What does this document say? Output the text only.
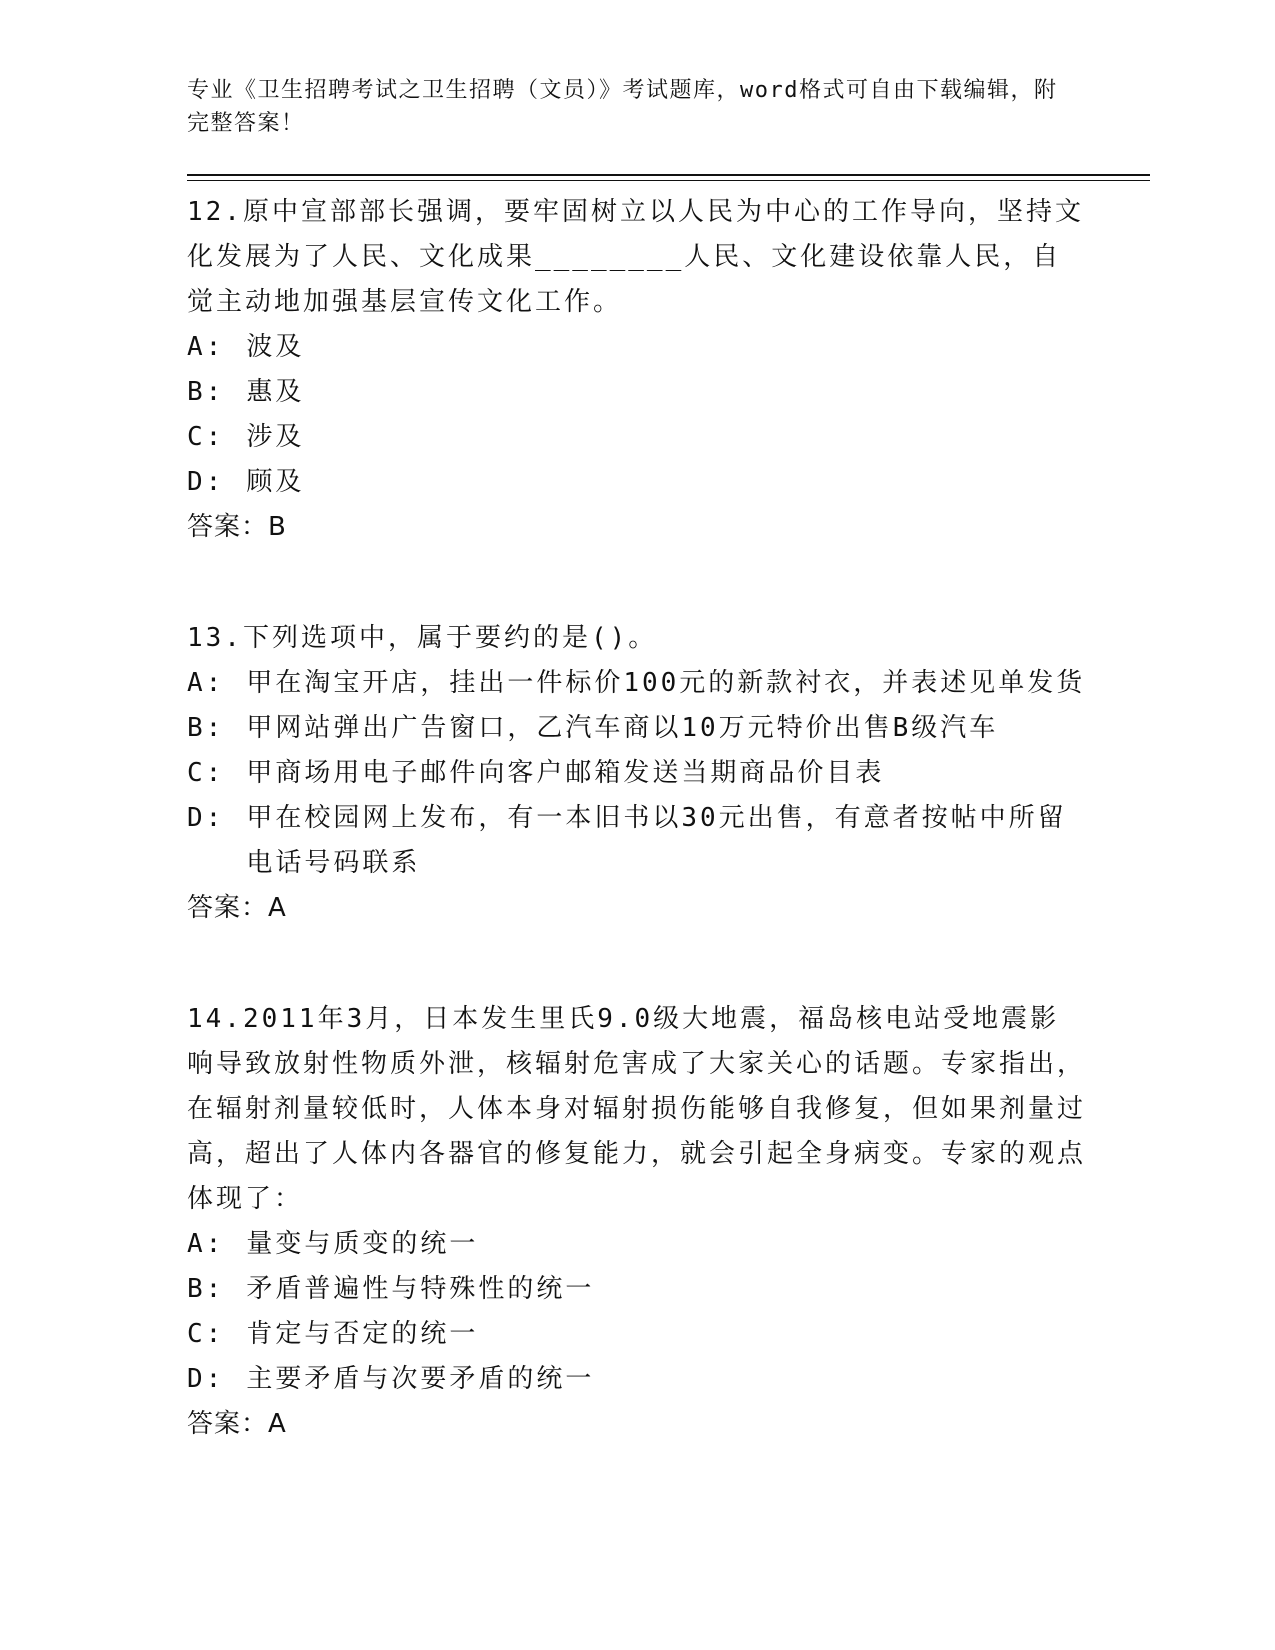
专业《卫生招聘考试之卫生招聘（文员）》考试题库，word格式可自由下载编辑，附完整答案！

12.原中宣部部长强调，要牢固树立以人民为中心的工作导向，坚持文化发展为了人民、文化成果________人民、文化建设依靠人民，自觉主动地加强基层宣传文化工作。

A: 波及
B: 惠及
C: 涉及
D: 顾及

答案：B

13.下列选项中，属于要约的是()。

A: 甲在淘宝开店，挂出一件标价100元的新款衬衣，并表述见单发货
B: 甲网站弹出广告窗口，乙汽车商以10万元特价出售B级汽车
C: 甲商场用电子邮件向客户邮箱发送当期商品价目表
D: 甲在校园网上发布，有一本旧书以30元出售，有意者按帖中所留电话号码联系

答案：A

14.2011年3月，日本发生里氏9.0级大地震，福岛核电站受地震影响导致放射性物质外泄，核辐射危害成了大家关心的话题。专家指出，在辐射剂量较低时，人体本身对辐射损伤能够自我修复，但如果剂量过高，超出了人体内各器官的修复能力，就会引起全身病变。专家的观点体现了：

A: 量变与质变的统一
B: 矛盾普遍性与特殊性的统一
C: 肯定与否定的统一
D: 主要矛盾与次要矛盾的统一

答案：A
